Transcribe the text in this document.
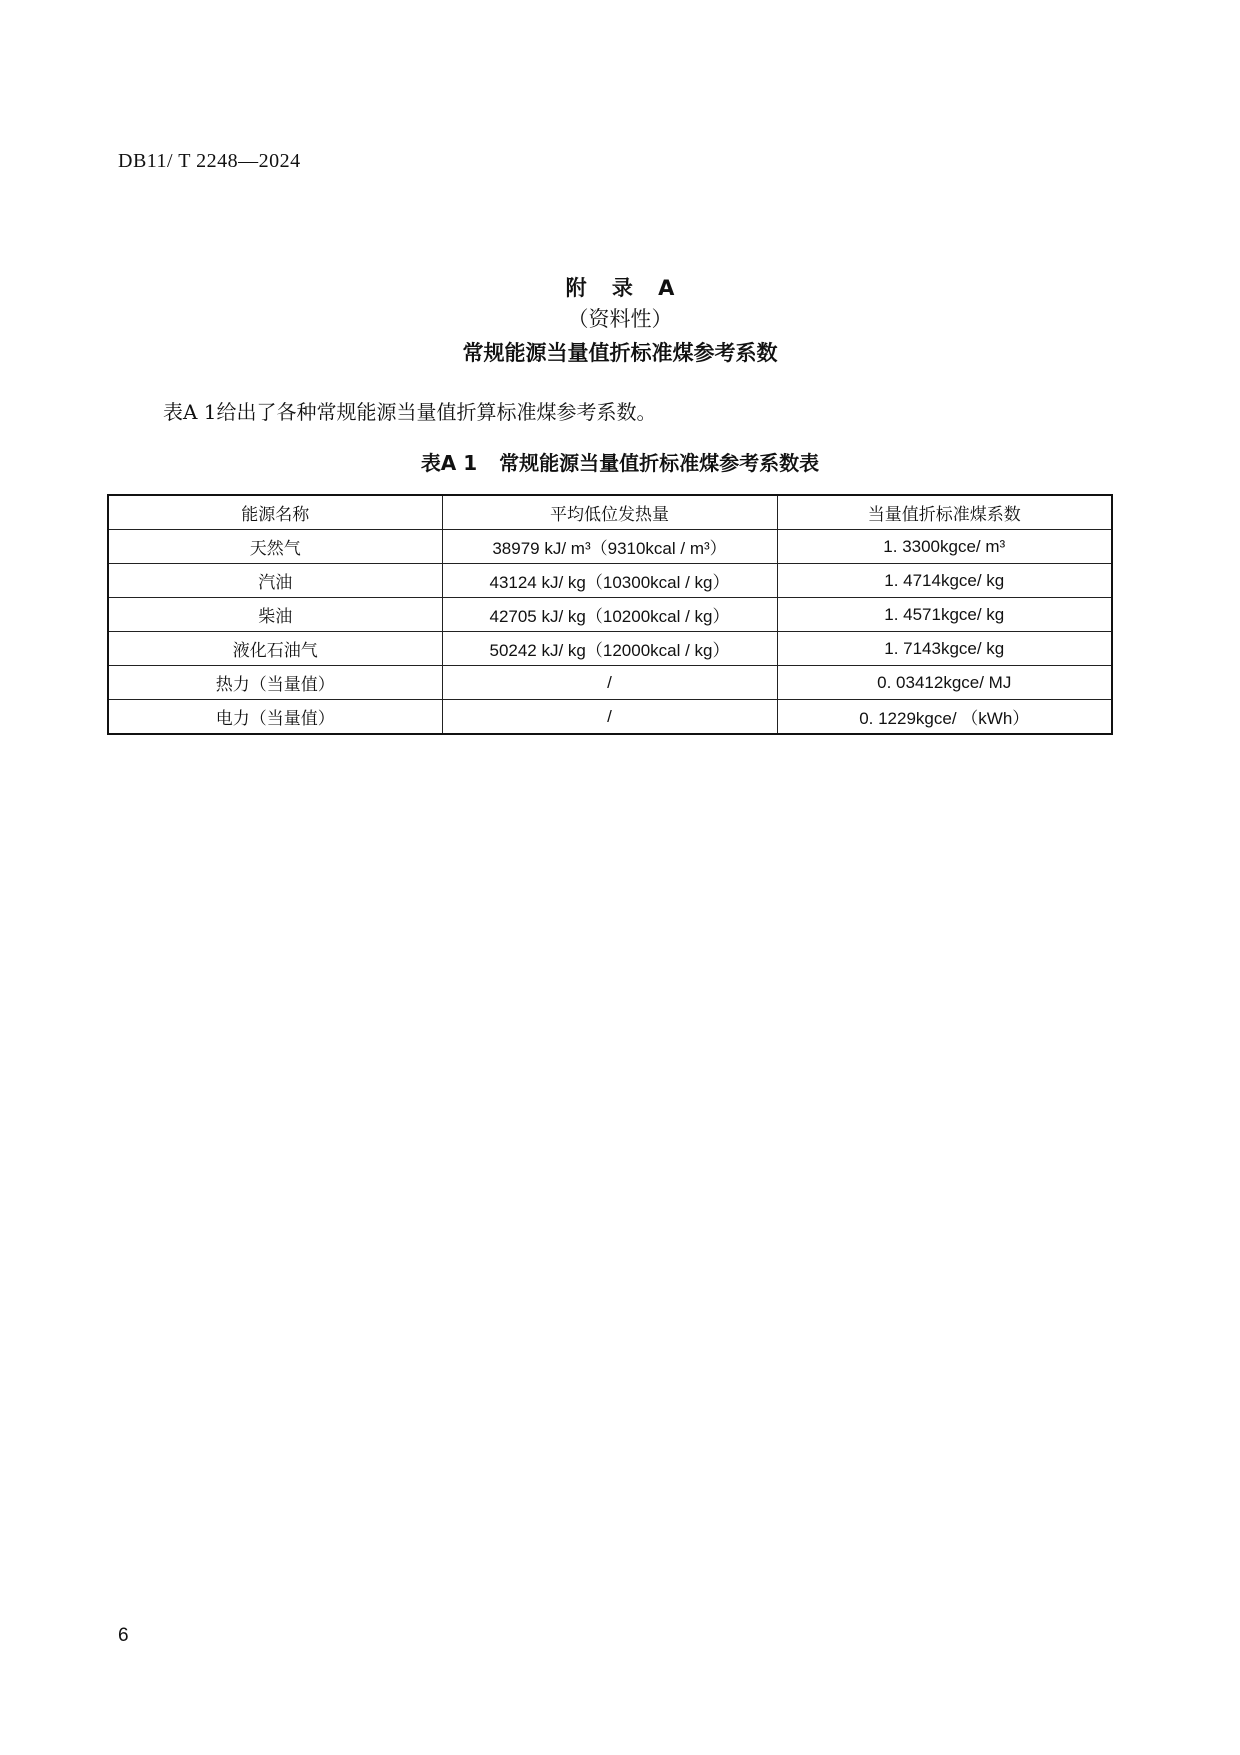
DB11/ T 2248—2024
附 录 A
（资料性）
常规能源当量值折标准煤参考系数
表A 1给出了各种常规能源当量值折算标准煤参考系数。
表A 1 常规能源当量值折标准煤参考系数表
能源名称	平均低位发热量	当量值折标准煤系数
天然气	38979 kJ/ m³（9310kcal / m³）	1. 3300kgce/ m³
汽油	43124 kJ/ kg（10300kcal / kg）	1. 4714kgce/ kg
柴油	42705 kJ/ kg（10200kcal / kg）	1. 4571kgce/ kg
液化石油气	50242 kJ/ kg（12000kcal / kg）	1. 7143kgce/ kg
热力（当量值）	/	0. 03412kgce/ MJ
电力（当量值）	/	0. 1229kgce/ （kWh）
6
